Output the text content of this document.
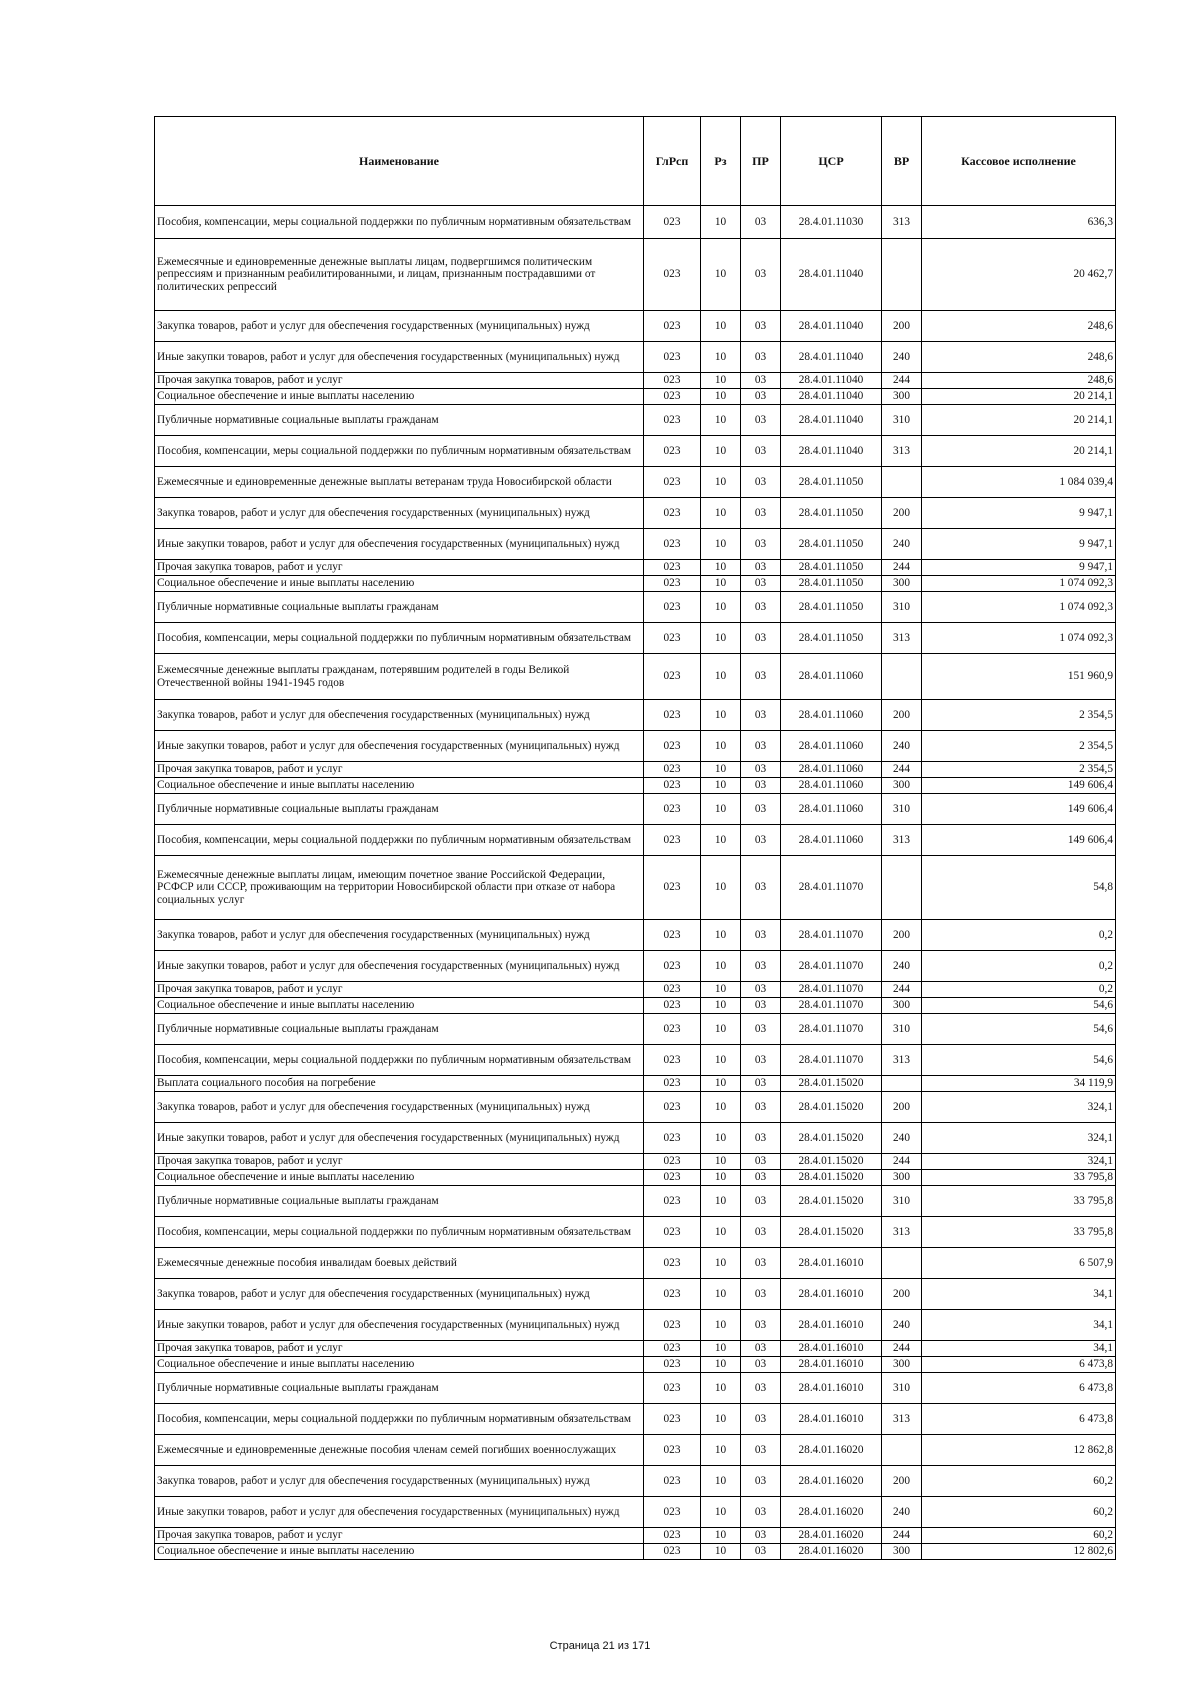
Наименование	ГлРсп	Рз	ПР	ЦСР	ВР	Кассовое исполнение
Пособия, компенсации, меры социальной поддержки по публичным нормативным обязательствам	023	10	03	28.4.01.11030	313	636,3
Ежемесячные и единовременные денежные выплаты лицам, подвергшимся политическим репрессиям и признанным реабилитированными, и лицам, признанным пострадавшими от политических репрессий	023	10	03	28.4.01.11040		20 462,7
Закупка товаров, работ и услуг для обеспечения государственных (муниципальных) нужд	023	10	03	28.4.01.11040	200	248,6
Иные закупки товаров, работ и услуг для обеспечения государственных (муниципальных) нужд	023	10	03	28.4.01.11040	240	248,6
Прочая закупка товаров, работ и услуг	023	10	03	28.4.01.11040	244	248,6
Социальное обеспечение и иные выплаты населению	023	10	03	28.4.01.11040	300	20 214,1
Публичные нормативные социальные выплаты гражданам	023	10	03	28.4.01.11040	310	20 214,1
Пособия, компенсации, меры социальной поддержки по публичным нормативным обязательствам	023	10	03	28.4.01.11040	313	20 214,1
Ежемесячные и единовременные денежные выплаты ветеранам труда Новосибирской области	023	10	03	28.4.01.11050		1 084 039,4
Закупка товаров, работ и услуг для обеспечения государственных (муниципальных) нужд	023	10	03	28.4.01.11050	200	9 947,1
Иные закупки товаров, работ и услуг для обеспечения государственных (муниципальных) нужд	023	10	03	28.4.01.11050	240	9 947,1
Прочая закупка товаров, работ и услуг	023	10	03	28.4.01.11050	244	9 947,1
Социальное обеспечение и иные выплаты населению	023	10	03	28.4.01.11050	300	1 074 092,3
Публичные нормативные социальные выплаты гражданам	023	10	03	28.4.01.11050	310	1 074 092,3
Пособия, компенсации, меры социальной поддержки по публичным нормативным обязательствам	023	10	03	28.4.01.11050	313	1 074 092,3
Ежемесячные денежные выплаты гражданам, потерявшим родителей в годы Великой Отечественной войны 1941-1945 годов	023	10	03	28.4.01.11060		151 960,9
Закупка товаров, работ и услуг для обеспечения государственных (муниципальных) нужд	023	10	03	28.4.01.11060	200	2 354,5
Иные закупки товаров, работ и услуг для обеспечения государственных (муниципальных) нужд	023	10	03	28.4.01.11060	240	2 354,5
Прочая закупка товаров, работ и услуг	023	10	03	28.4.01.11060	244	2 354,5
Социальное обеспечение и иные выплаты населению	023	10	03	28.4.01.11060	300	149 606,4
Публичные нормативные социальные выплаты гражданам	023	10	03	28.4.01.11060	310	149 606,4
Пособия, компенсации, меры социальной поддержки по публичным нормативным обязательствам	023	10	03	28.4.01.11060	313	149 606,4
Ежемесячные денежные выплаты лицам, имеющим почетное звание Российской Федерации, РСФСР или СССР, проживающим на территории Новосибирской области при отказе от набора социальных услуг	023	10	03	28.4.01.11070		54,8
Закупка товаров, работ и услуг для обеспечения государственных (муниципальных) нужд	023	10	03	28.4.01.11070	200	0,2
Иные закупки товаров, работ и услуг для обеспечения государственных (муниципальных) нужд	023	10	03	28.4.01.11070	240	0,2
Прочая закупка товаров, работ и услуг	023	10	03	28.4.01.11070	244	0,2
Социальное обеспечение и иные выплаты населению	023	10	03	28.4.01.11070	300	54,6
Публичные нормативные социальные выплаты гражданам	023	10	03	28.4.01.11070	310	54,6
Пособия, компенсации, меры социальной поддержки по публичным нормативным обязательствам	023	10	03	28.4.01.11070	313	54,6
Выплата социального пособия на погребение	023	10	03	28.4.01.15020		34 119,9
Закупка товаров, работ и услуг для обеспечения государственных (муниципальных) нужд	023	10	03	28.4.01.15020	200	324,1
Иные закупки товаров, работ и услуг для обеспечения государственных (муниципальных) нужд	023	10	03	28.4.01.15020	240	324,1
Прочая закупка товаров, работ и услуг	023	10	03	28.4.01.15020	244	324,1
Социальное обеспечение и иные выплаты населению	023	10	03	28.4.01.15020	300	33 795,8
Публичные нормативные социальные выплаты гражданам	023	10	03	28.4.01.15020	310	33 795,8
Пособия, компенсации, меры социальной поддержки по публичным нормативным обязательствам	023	10	03	28.4.01.15020	313	33 795,8
Ежемесячные денежные пособия инвалидам боевых действий	023	10	03	28.4.01.16010		6 507,9
Закупка товаров, работ и услуг для обеспечения государственных (муниципальных) нужд	023	10	03	28.4.01.16010	200	34,1
Иные закупки товаров, работ и услуг для обеспечения государственных (муниципальных) нужд	023	10	03	28.4.01.16010	240	34,1
Прочая закупка товаров, работ и услуг	023	10	03	28.4.01.16010	244	34,1
Социальное обеспечение и иные выплаты населению	023	10	03	28.4.01.16010	300	6 473,8
Публичные нормативные социальные выплаты гражданам	023	10	03	28.4.01.16010	310	6 473,8
Пособия, компенсации, меры социальной поддержки по публичным нормативным обязательствам	023	10	03	28.4.01.16010	313	6 473,8
Ежемесячные и единовременные денежные пособия членам семей погибших военнослужащих	023	10	03	28.4.01.16020		12 862,8
Закупка товаров, работ и услуг для обеспечения государственных (муниципальных) нужд	023	10	03	28.4.01.16020	200	60,2
Иные закупки товаров, работ и услуг для обеспечения государственных (муниципальных) нужд	023	10	03	28.4.01.16020	240	60,2
Прочая закупка товаров, работ и услуг	023	10	03	28.4.01.16020	244	60,2
Социальное обеспечение и иные выплаты населению	023	10	03	28.4.01.16020	300	12 802,6
Страница 21 из 171
